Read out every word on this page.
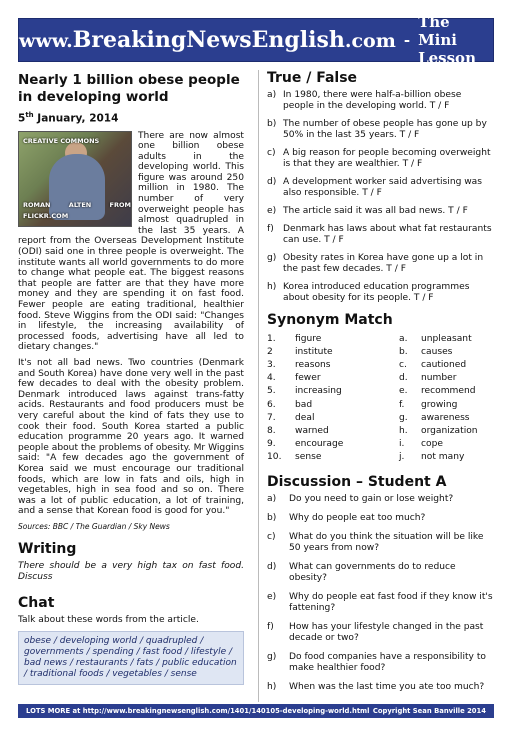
www.BreakingNewsEnglish.com -
The Mini Lesson
Nearly 1 billion obese people in developing world
5th January, 2014
CREATIVE COMMONS
ROMAN ALTEN FROM FLICKR.COM

There are now almost one billion obese adults in the developing world. This figure was around 250 million in 1980. The number of very overweight people has almost quadrupled in the last 35 years. A report from the Overseas Development Institute (ODI) said one in three people is overweight. The institute wants all world governments to do more to change what people eat. The biggest reasons that people are fatter are that they have more money and they are spending it on fast food. Fewer people are eating traditional, healthier food. Steve Wiggins from the ODI said: "Changes in lifestyle, the increasing availability of processed foods, advertising have all led to dietary changes."

It's not all bad news. Two countries (Denmark and South Korea) have done very well in the past few decades to deal with the obesity problem. Denmark introduced laws against trans-fatty acids. Restaurants and food producers must be very careful about the kind of fats they use to cook their food. South Korea started a public education programme 20 years ago. It warned people about the problems of obesity. Mr Wiggins said: "A few decades ago the government of Korea said we must encourage our traditional foods, which are low in fats and oils, high in vegetables, high in sea food and so on. There was a lot of public education, a lot of training, and a sense that Korean food is good for you."

Sources: BBC / The Guardian / Sky News
Writing
There should be a very high tax on fast food. Discuss
Chat
Talk about these words from the article.
obese / developing world / quadrupled / governments / spending / fast food / lifestyle / bad news / restaurants / fats / public education / traditional foods / vegetables / sense
True / False
a) In 1980, there were half-a-billion obese people in the developing world. T / F
b) The number of obese people has gone up by 50% in the last 35 years. T / F
c) A big reason for people becoming overweight is that they are wealthier. T / F
d) A development worker said advertising was also responsible. T / F
e) The article said it was all bad news. T / F
f)	Denmark has laws about what fat restaurants can use. T / F
g) Obesity rates in Korea have gone up a lot in the past few decades. T / F
h) Korea introduced education programmes about obesity for its people. T / F
Synonym Match
1.	figure	a.	unpleasant
2	institute	b.	causes
3.	reasons	c.	cautioned
4.	fewer	d.	number
5.	increasing	e.	recommend
6.	bad	f.	growing
7.	deal	g.	awareness
8.	warned	h.	organization
9.	encourage	i.	cope
10.	sense	j.	not many
Discussion – Student A
a)	Do you need to gain or lose weight?
b)	Why do people eat too much?
c)	What do you think the situation will be like 50 years from now?
d)	What can governments do to reduce obesity?
e)	Why do people eat fast food if they know it's fattening?
f)	How has your lifestyle changed in the past decade or two?
g)	Do food companies have a responsibility to make healthier food?
h)	When was the last time you ate too much?
LOTS MORE at http://www.breakingnewsenglish.com/1401/140105-developing-world.html Copyright Sean Banville 2014
